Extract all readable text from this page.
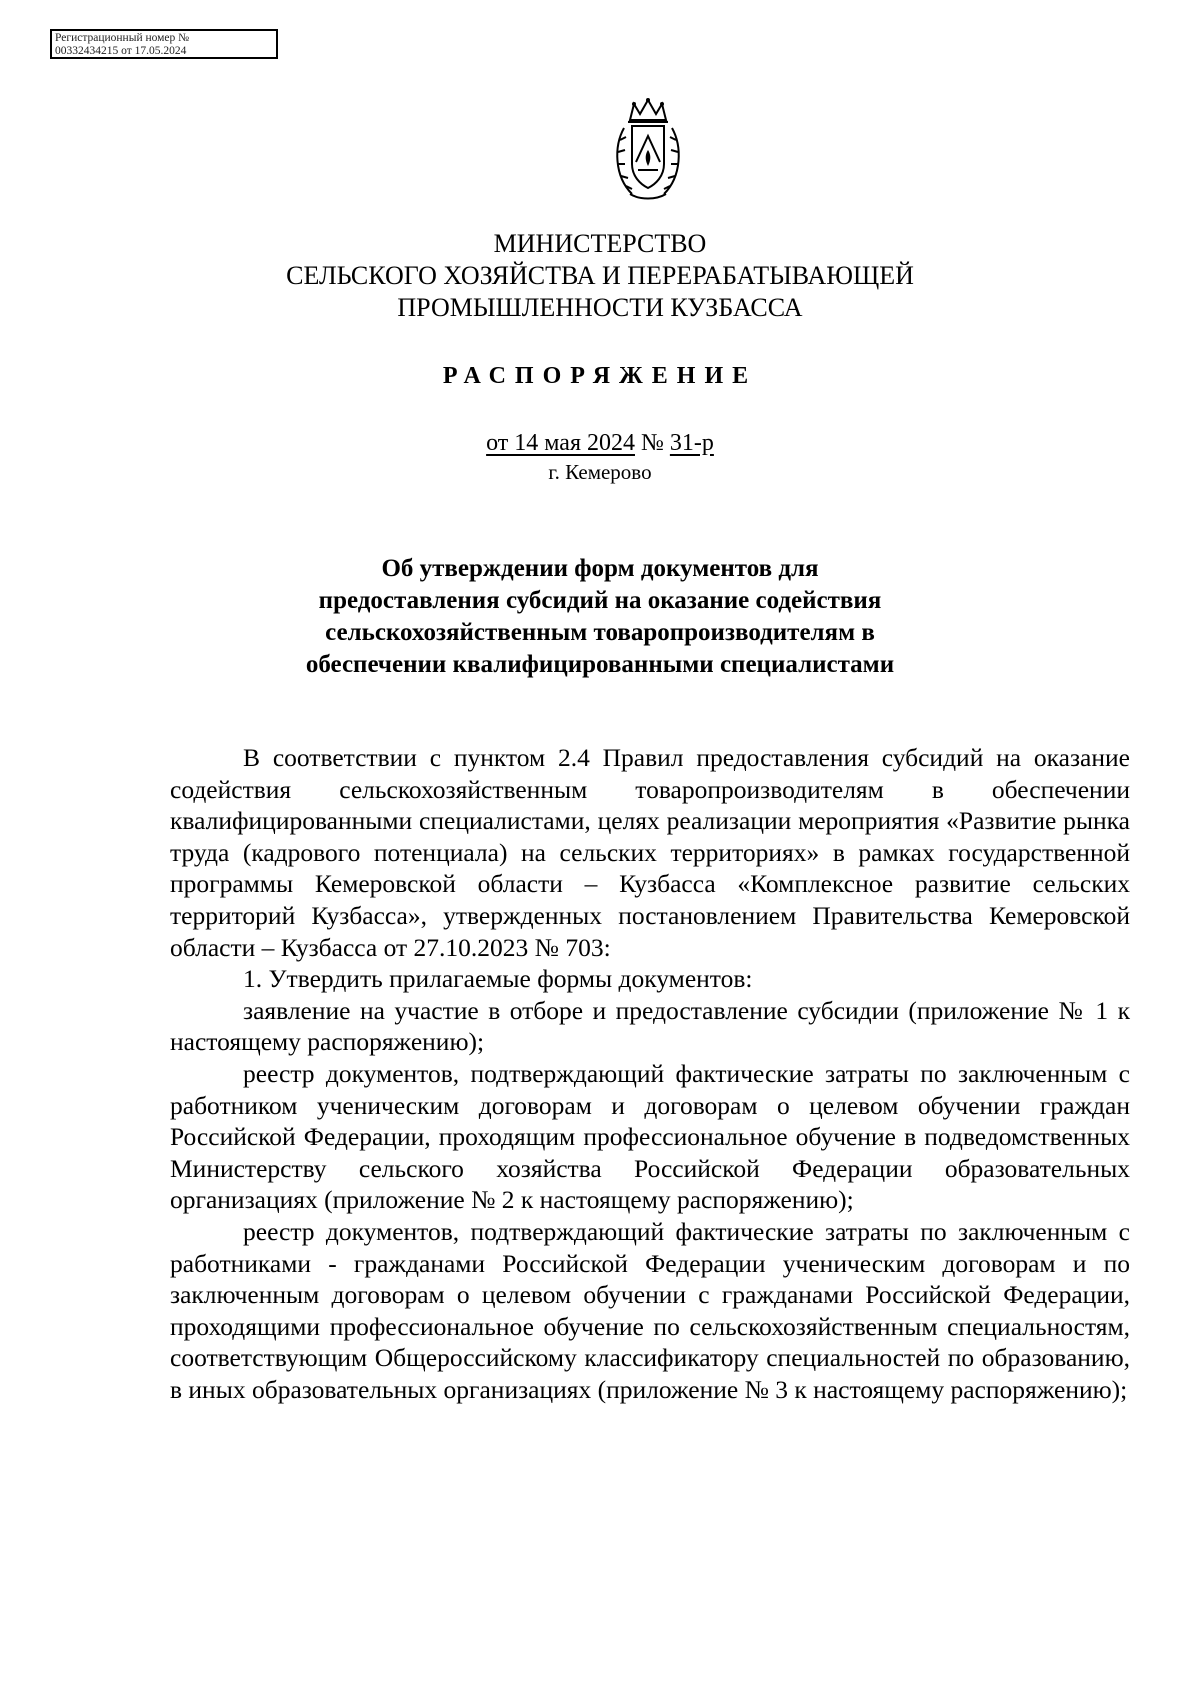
Регистрационный номер №
00332434215 от 17.05.2024
МИНИСТЕРСТВО
СЕЛЬСКОГО ХОЗЯЙСТВА И ПЕРЕРАБАТЫВАЮЩЕЙ
ПРОМЫШЛЕННОСТИ КУЗБАССА
РАСПОРЯЖЕНИЕ
от 14 мая 2024 № 31-р
г. Кемерово
Об утверждении форм документов для
предоставления субсидий на оказание содействия
сельскохозяйственным товаропроизводителям в
обеспечении квалифицированными специалистами

В соответствии с пунктом 2.4 Правил предоставления субсидий на оказание содействия сельскохозяйственным товаропроизводителям в обеспечении квалифицированными специалистами, целях реализации мероприятия «Развитие рынка труда (кадрового потенциала) на сельских территориях» в рамках государственной программы Кемеровской области – Кузбасса «Комплексное развитие сельских территорий Кузбасса», утвержденных постановлением Правительства Кемеровской области – Кузбасса от 27.10.2023 № 703:

1. Утвердить прилагаемые формы документов:

заявление на участие в отборе и предоставление субсидии (приложение № 1 к настоящему распоряжению);

реестр документов, подтверждающий фактические затраты по заключенным с работником ученическим договорам и договорам о целевом обучении граждан Российской Федерации, проходящим профессиональное обучение в подведомственных Министерству сельского хозяйства Российской Федерации образовательных организациях (приложение № 2 к настоящему распоряжению);

реестр документов, подтверждающий фактические затраты по заключенным с работниками - гражданами Российской Федерации ученическим договорам и по заключенным договорам о целевом обучении с гражданами Российской Федерации, проходящими профессиональное обучение по сельскохозяйственным специальностям, соответствующим Общероссийскому классификатору специальностей по образованию, в иных образовательных организациях (приложение № 3 к настоящему распоряжению);
